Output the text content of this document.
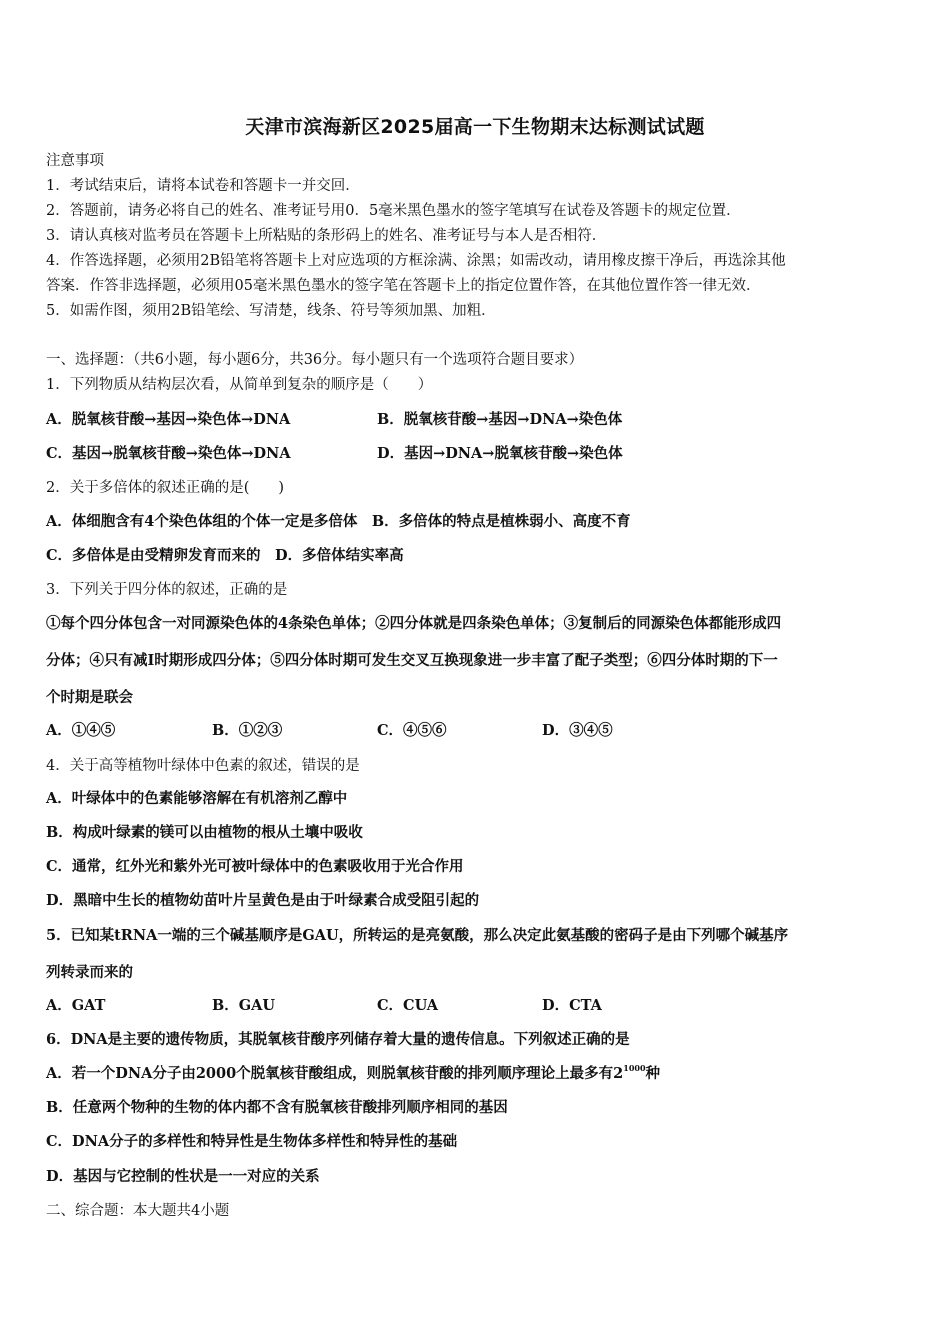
天津市滨海新区2025届高一下生物期末达标测试试题
注意事项
1．考试结束后，请将本试卷和答题卡一并交回．
2．答题前，请务必将自己的姓名、准考证号用0．5毫米黑色墨水的签字笔填写在试卷及答题卡的规定位置．
3．请认真核对监考员在答题卡上所粘贴的条形码上的姓名、准考证号与本人是否相符．
4．作答选择题，必须用2B铅笔将答题卡上对应选项的方框涂满、涂黑；如需改动，请用橡皮擦干净后，再选涂其他
答案．作答非选择题，必须用05毫米黑色墨水的签字笔在答题卡上的指定位置作答，在其他位置作答一律无效．
5．如需作图，须用2B铅笔绘、写清楚，线条、符号等须加黑、加粗．
一、选择题：（共6小题，每小题6分，共36分。每小题只有一个选项符合题目要求）
1．下列物质从结构层次看，从简单到复杂的顺序是（　　）
A．脱氧核苷酸→基因→染色体→DNA	B．脱氧核苷酸→基因→DNA→染色体
C．基因→脱氧核苷酸→染色体→DNA	D．基因→DNA→脱氧核苷酸→染色体
2．关于多倍体的叙述正确的是(　　)
A．体细胞含有4个染色体组的个体一定是多倍体　B．多倍体的特点是植株弱小、高度不育
C．多倍体是由受精卵发育而来的　D．多倍体结实率高
3．下列关于四分体的叙述，正确的是
①每个四分体包含一对同源染色体的4条染色单体；②四分体就是四条染色单体；③复制后的同源染色体都能形成四
分体；④只有减Ⅰ时期形成四分体；⑤四分体时期可发生交叉互换现象进一步丰富了配子类型；⑥四分体时期的下一
个时期是联会
A．①④⑤	B．①②③	C．④⑤⑥	D．③④⑤
4．关于高等植物叶绿体中色素的叙述，错误的是
A．叶绿体中的色素能够溶解在有机溶剂乙醇中
B．构成叶绿素的镁可以由植物的根从土壤中吸收
C．通常，红外光和紫外光可被叶绿体中的色素吸收用于光合作用
D．黑暗中生长的植物幼苗叶片呈黄色是由于叶绿素合成受阻引起的
5．已知某tRNA一端的三个碱基顺序是GAU，所转运的是亮氨酸，那么决定此氨基酸的密码子是由下列哪个碱基序
列转录而来的
A．GAT	B．GAU	C．CUA	D．CTA
6．DNA是主要的遗传物质，其脱氧核苷酸序列储存着大量的遗传信息。下列叙述正确的是
A．若一个DNA分子由2000个脱氧核苷酸组成，则脱氧核苷酸的排列顺序理论上最多有$2^{1000}$种
B．任意两个物种的生物的体内都不含有脱氧核苷酸排列顺序相同的基因
C．DNA分子的多样性和特异性是生物体多样性和特异性的基础
D．基因与它控制的性状是一一对应的关系
二、综合题：本大题共4小题
